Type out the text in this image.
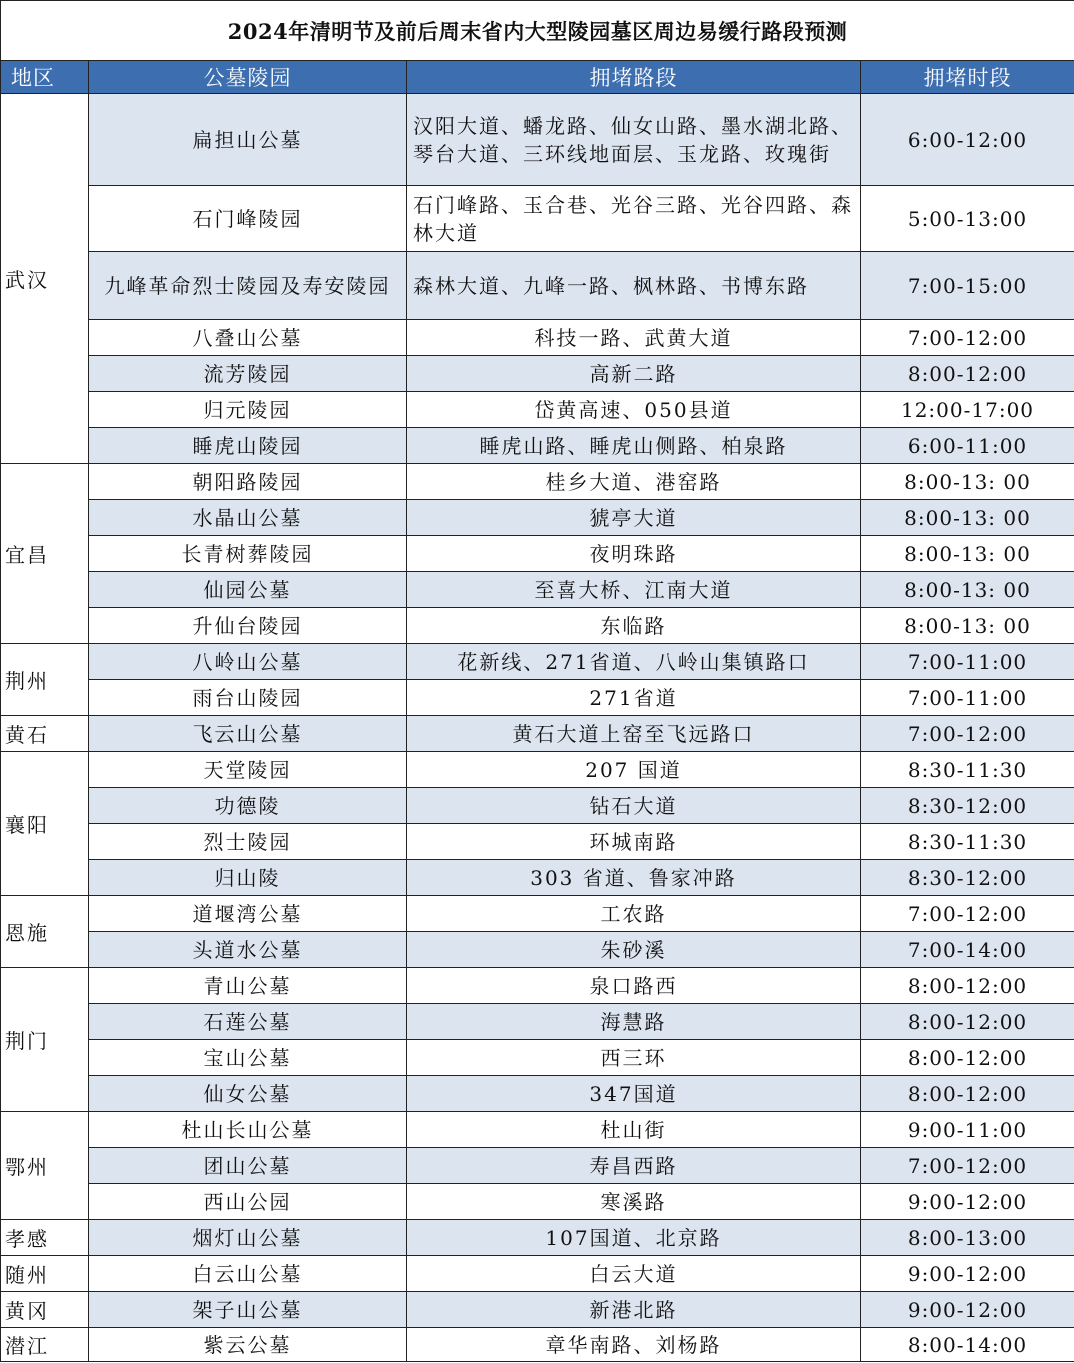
2024年清明节及前后周末省内大型陵园墓区周边易缓行路段预测			
地区	公墓陵园	拥堵路段	拥堵时段
武汉	扁担山公墓	汉阳大道、蟠龙路、仙女山路、墨水湖北路、琴台大道、三环线地面层、玉龙路、玫瑰街	6:00-12:00
	石门峰陵园	石门峰路、玉合巷、光谷三路、光谷四路、森林大道	5:00-13:00
	九峰革命烈士陵园及寿安陵园	森林大道、九峰一路、枫林路、书博东路	7:00-15:00
	八叠山公墓	科技一路、武黄大道	7:00-12:00
	流芳陵园	高新二路	8:00-12:00
	归元陵园	岱黄高速、050县道	12:00-17:00
	睡虎山陵园	睡虎山路、睡虎山侧路、柏泉路	6:00-11:00
宜昌	朝阳路陵园	桂乡大道、港窑路	8:00-13: 00
	水晶山公墓	猇亭大道	8:00-13: 00
	长青树葬陵园	夜明珠路	8:00-13: 00
	仙园公墓	至喜大桥、江南大道	8:00-13: 00
	升仙台陵园	东临路	8:00-13: 00
荆州	八岭山公墓	花新线、271省道、八岭山集镇路口	7:00-11:00
	雨台山陵园	271省道	7:00-11:00
黄石	飞云山公墓	黄石大道上窑至飞远路口	7:00-12:00
襄阳	天堂陵园	207 国道	8:30-11:30
	功德陵	钻石大道	8:30-12:00
	烈士陵园	环城南路	8:30-11:30
	归山陵	303 省道、鲁家冲路	8:30-12:00
恩施	道堰湾公墓	工农路	7:00-12:00
	头道水公墓	朱砂溪	7:00-14:00
荆门	青山公墓	泉口路西	8:00-12:00
	石莲公墓	海慧路	8:00-12:00
	宝山公墓	西三环	8:00-12:00
	仙女公墓	347国道	8:00-12:00
鄂州	杜山长山公墓	杜山街	9:00-11:00
	团山公墓	寿昌西路	7:00-12:00
	西山公园	寒溪路	9:00-12:00
孝感	烟灯山公墓	107国道、北京路	8:00-13:00
随州	白云山公墓	白云大道	9:00-12:00
黄冈	架子山公墓	新港北路	9:00-12:00
潜江	紫云公墓	章华南路、刘杨路	8:00-14:00
